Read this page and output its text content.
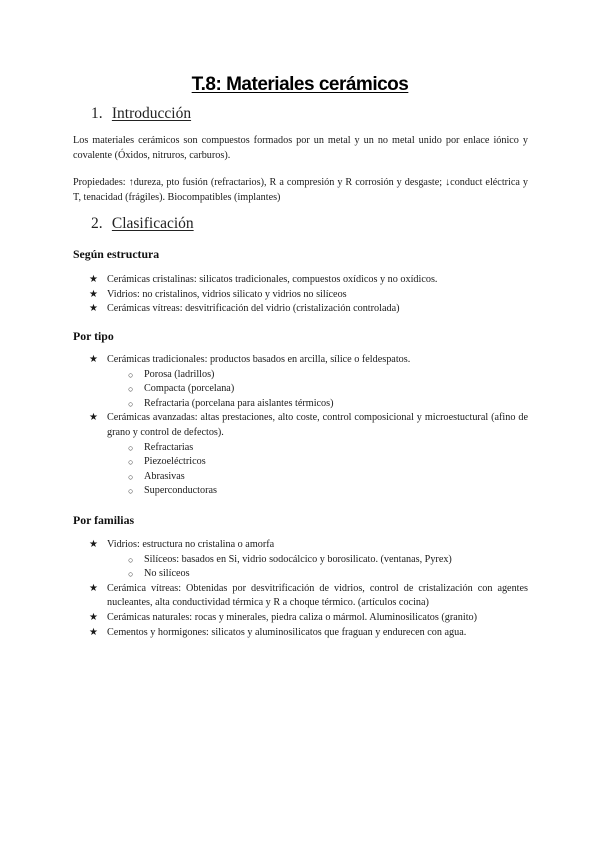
T.8: Materiales cerámicos
1. Introducción

Los materiales cerámicos son compuestos formados por un metal y un no metal unido por enlace iónico y covalente (Óxidos, nitruros, carburos).

Propiedades: ↑dureza, pto fusión (refractarios), R a compresión y R corrosión y desgaste; ↓conduct eléctrica y T, tenacidad (frágiles). Biocompatibles (implantes)

2. Clasificación
Según estructura
★ Cerámicas cristalinas: silicatos tradicionales, compuestos oxídicos y no oxídicos.
★ Vidrios: no cristalinos, vidrios silicato y vidrios no silíceos
★ Cerámicas vítreas: desvitrificación del vidrio (cristalización controlada)
Por tipo
★ Cerámicas tradicionales: productos basados en arcilla, sílice o feldespatos.
○ Porosa (ladrillos)
○ Compacta (porcelana)
○ Refractaria (porcelana para aislantes térmicos)
★ Cerámicas avanzadas: altas prestaciones, alto coste, control composicional y microestuctural (afino de grano y control de defectos).
○ Refractarias
○ Piezoeléctricos
○ Abrasivas
○ Superconductoras
Por familias
★ Vidrios: estructura no cristalina o amorfa
○ Silíceos: basados en Si, vidrio sodocálcico y borosilicato. (ventanas, Pyrex)
○ No silíceos
★ Cerámica vítreas: Obtenidas por desvitrificación de vidrios, control de cristalización con agentes nucleantes, alta conductividad térmica y R a choque térmico. (artículos cocina)
★ Cerámicas naturales: rocas y minerales, piedra caliza o mármol. Aluminosilicatos (granito)
★ Cementos y hormigones: silicatos y aluminosilicatos que fraguan y endurecen con agua.
